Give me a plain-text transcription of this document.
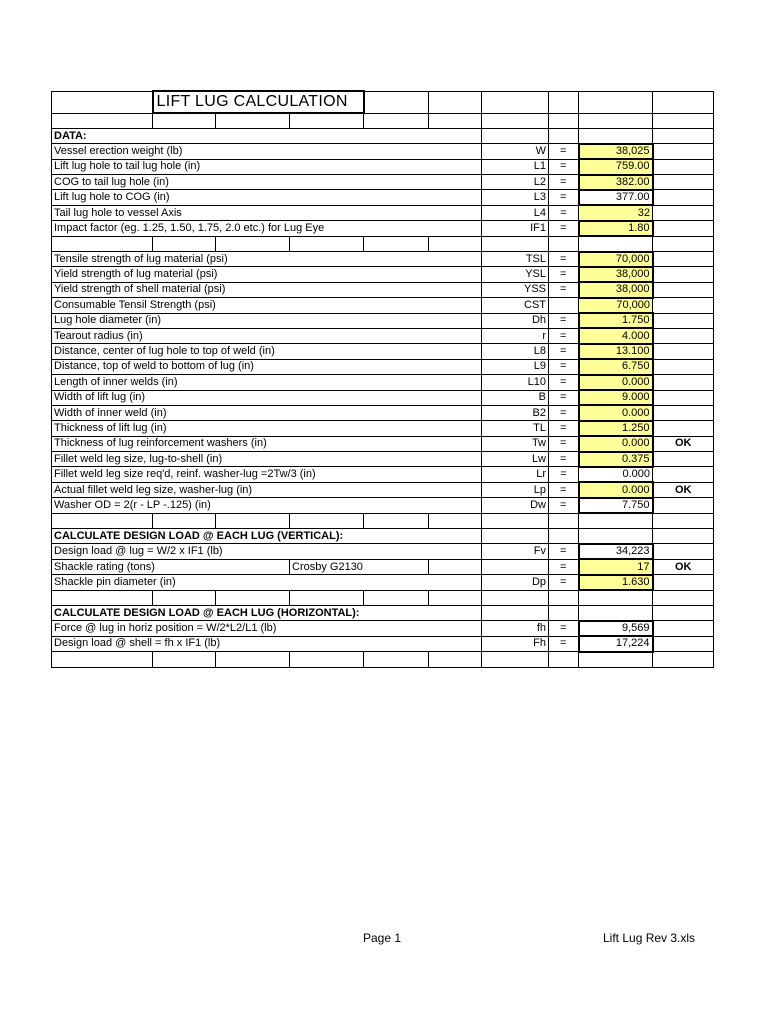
	LIFT LUG CALCULATION								

DATA:									
Vessel erection weight (lb)						W	=	38,025	
Lift lug hole to tail lug hole (in)						L1	=	759.00	
COG to tail lug hole (in)						L2	=	382.00	
Lift lug hole to COG (in)						L3	=	377.00	
Tail lug hole to vessel Axis						L4	=	32	
Impact factor (eg. 1.25, 1.50, 1.75, 2.0 etc.) for Lug Eye						IF1	=	1.80	

Tensile strength of lug material (psi)						TSL	=	70,000	
Yield strength of lug material (psi)						YSL	=	38,000	
Yield strength of shell material (psi)						YSS	=	38,000	
Consumable Tensil Strength (psi)						CST		70,000	
Lug hole diameter (in)						Dh	=	1.750	
Tearout radius (in)						r	=	4.000	
Distance, center of lug hole to top of weld (in)						L8	=	13.100	
Distance, top of weld to bottom of lug (in)						L9	=	6.750	
Length of inner welds (in)						L10	=	0.000	
Width of lift lug (in)						B	=	9.000	
Width of inner weld (in)						B2	=	0.000	
Thickness of lift lug (in)						TL	=	1.250	
Thickness of lug reinforcement washers (in)						Tw	=	0.000	OK
Fillet weld leg size, lug-to-shell (in)						Lw	=	0.375	
Fillet weld leg size req'd, reinf. washer-lug =2Tw/3 (in)						Lr	=	0.000	
Actual fillet weld leg size, washer-lug (in)						Lp	=	0.000	OK
Washer OD = 2(r - LP -.125) (in)						Dw	=	7.750	

CALCULATE DESIGN LOAD @ EACH LUG (VERTICAL):									
Design load @ lug = W/2 x IF1 (lb)						Fv	=	34,223	
Shackle rating (tons)			Crosby G2130				=	17	OK
Shackle pin diameter (in)						Dp	=	1.630	

CALCULATE DESIGN LOAD @ EACH LUG (HORIZONTAL):									
Force @ lug in horiz position = W/2*L2/L1 (lb)						fh	=	9,569	
Design load @ shell = fh x IF1 (lb)						Fh	=	17,224	

Page 1	Lift Lug Rev 3.xls
